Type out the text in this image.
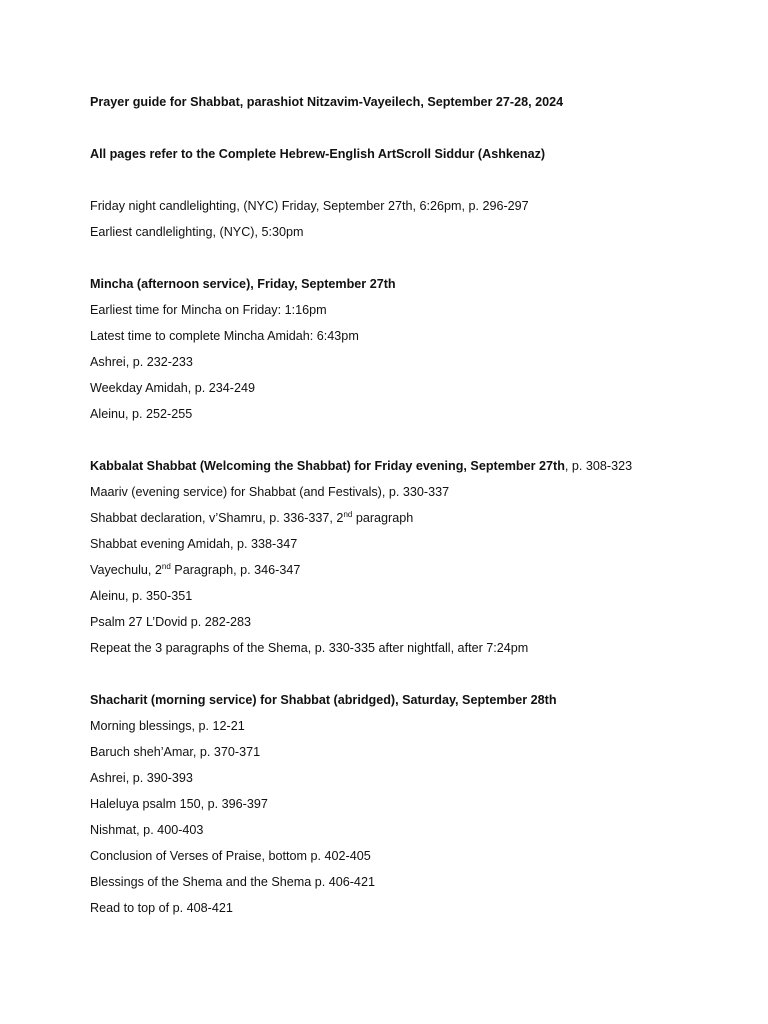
Prayer guide for Shabbat, parashiot Nitzavim-Vayeilech, September 27-28, 2024
All pages refer to the Complete Hebrew-English ArtScroll Siddur (Ashkenaz)
Friday night candlelighting, (NYC) Friday, September 27th, 6:26pm, p. 296-297
Earliest candlelighting, (NYC), 5:30pm
Mincha (afternoon service), Friday, September 27th
Earliest time for Mincha on Friday: 1:16pm
Latest time to complete Mincha Amidah: 6:43pm
Ashrei, p. 232-233
Weekday Amidah, p. 234-249
Aleinu, p. 252-255
Kabbalat Shabbat (Welcoming the Shabbat) for Friday evening, September 27th, p. 308-323
Maariv (evening service) for Shabbat (and Festivals), p. 330-337
Shabbat declaration, v’Shamru, p. 336-337, 2nd paragraph
Shabbat evening Amidah, p. 338-347
Vayechulu, 2nd Paragraph, p. 346-347
Aleinu, p. 350-351
Psalm 27 L’Dovid p. 282-283
Repeat the 3 paragraphs of the Shema, p. 330-335 after nightfall, after 7:24pm
Shacharit (morning service) for Shabbat (abridged), Saturday, September 28th
Morning blessings, p. 12-21
Baruch sheh’Amar, p. 370-371
Ashrei, p. 390-393
Haleluya psalm 150, p. 396-397
Nishmat, p. 400-403
Conclusion of Verses of Praise, bottom p. 402-405
Blessings of the Shema and the Shema p. 406-421
Read to top of p. 408-421
